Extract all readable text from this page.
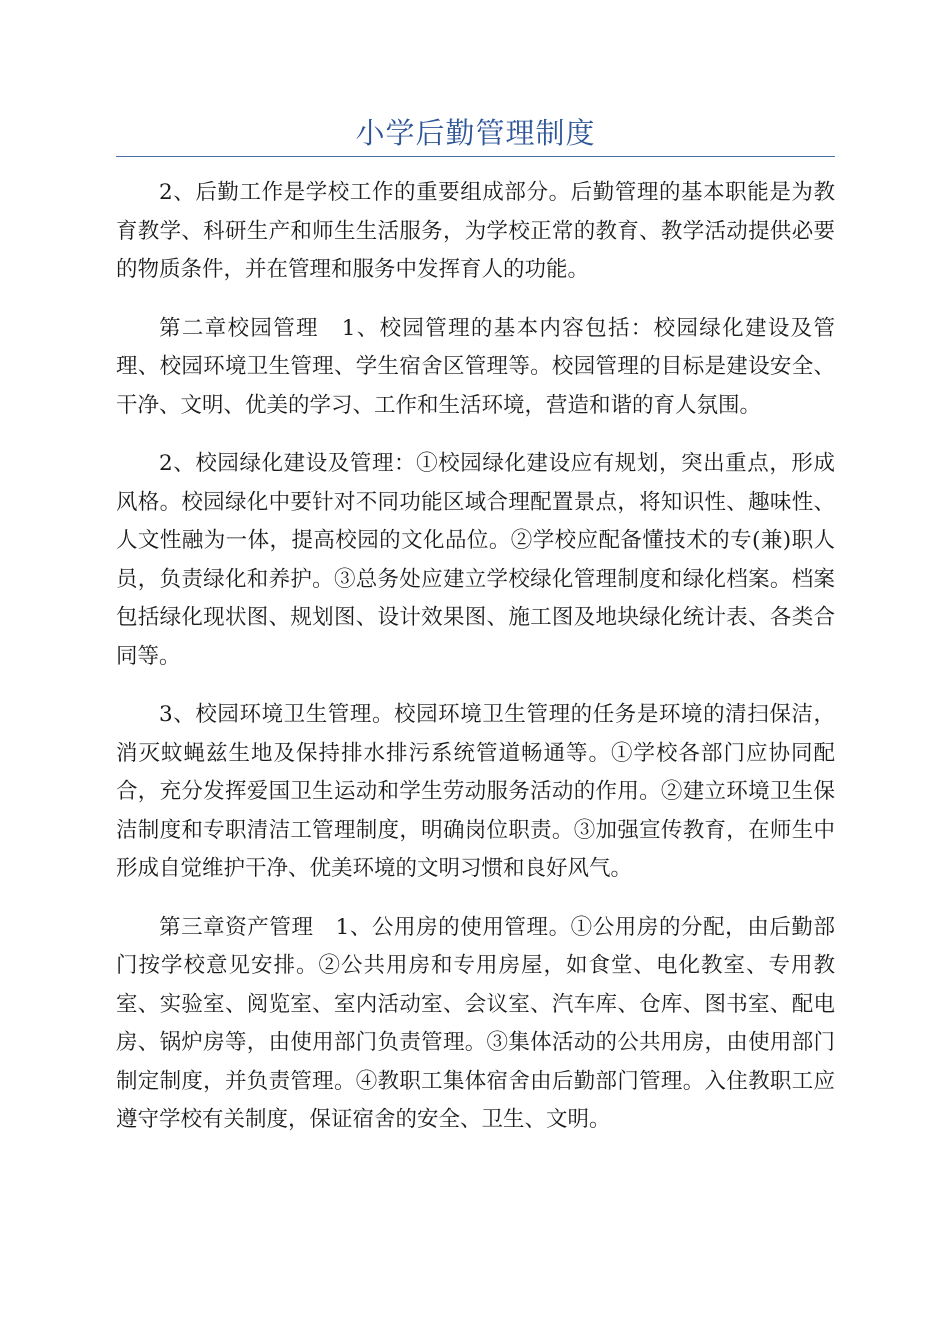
小学后勤管理制度

2、后勤工作是学校工作的重要组成部分。后勤管理的基本职能是为教育教学、科研生产和师生生活服务，为学校正常的教育、教学活动提供必要的物质条件，并在管理和服务中发挥育人的功能。

第二章校园管理　1、校园管理的基本内容包括：校园绿化建设及管理、校园环境卫生管理、学生宿舍区管理等。校园管理的目标是建设安全、干净、文明、优美的学习、工作和生活环境，营造和谐的育人氛围。

2、校园绿化建设及管理：①校园绿化建设应有规划，突出重点，形成风格。校园绿化中要针对不同功能区域合理配置景点，将知识性、趣味性、人文性融为一体，提高校园的文化品位。②学校应配备懂技术的专(兼)职人员，负责绿化和养护。③总务处应建立学校绿化管理制度和绿化档案。档案包括绿化现状图、规划图、设计效果图、施工图及地块绿化统计表、各类合同等。

3、校园环境卫生管理。校园环境卫生管理的任务是环境的清扫保洁，消灭蚊蝇兹生地及保持排水排污系统管道畅通等。①学校各部门应协同配合，充分发挥爱国卫生运动和学生劳动服务活动的作用。②建立环境卫生保洁制度和专职清洁工管理制度，明确岗位职责。③加强宣传教育，在师生中形成自觉维护干净、优美环境的文明习惯和良好风气。

第三章资产管理　1、公用房的使用管理。①公用房的分配，由后勤部门按学校意见安排。②公共用房和专用房屋，如食堂、电化教室、专用教室、实验室、阅览室、室内活动室、会议室、汽车库、仓库、图书室、配电房、锅炉房等，由使用部门负责管理。③集体活动的公共用房，由使用部门制定制度，并负责管理。④教职工集体宿舍由后勤部门管理。入住教职工应遵守学校有关制度，保证宿舍的安全、卫生、文明。
